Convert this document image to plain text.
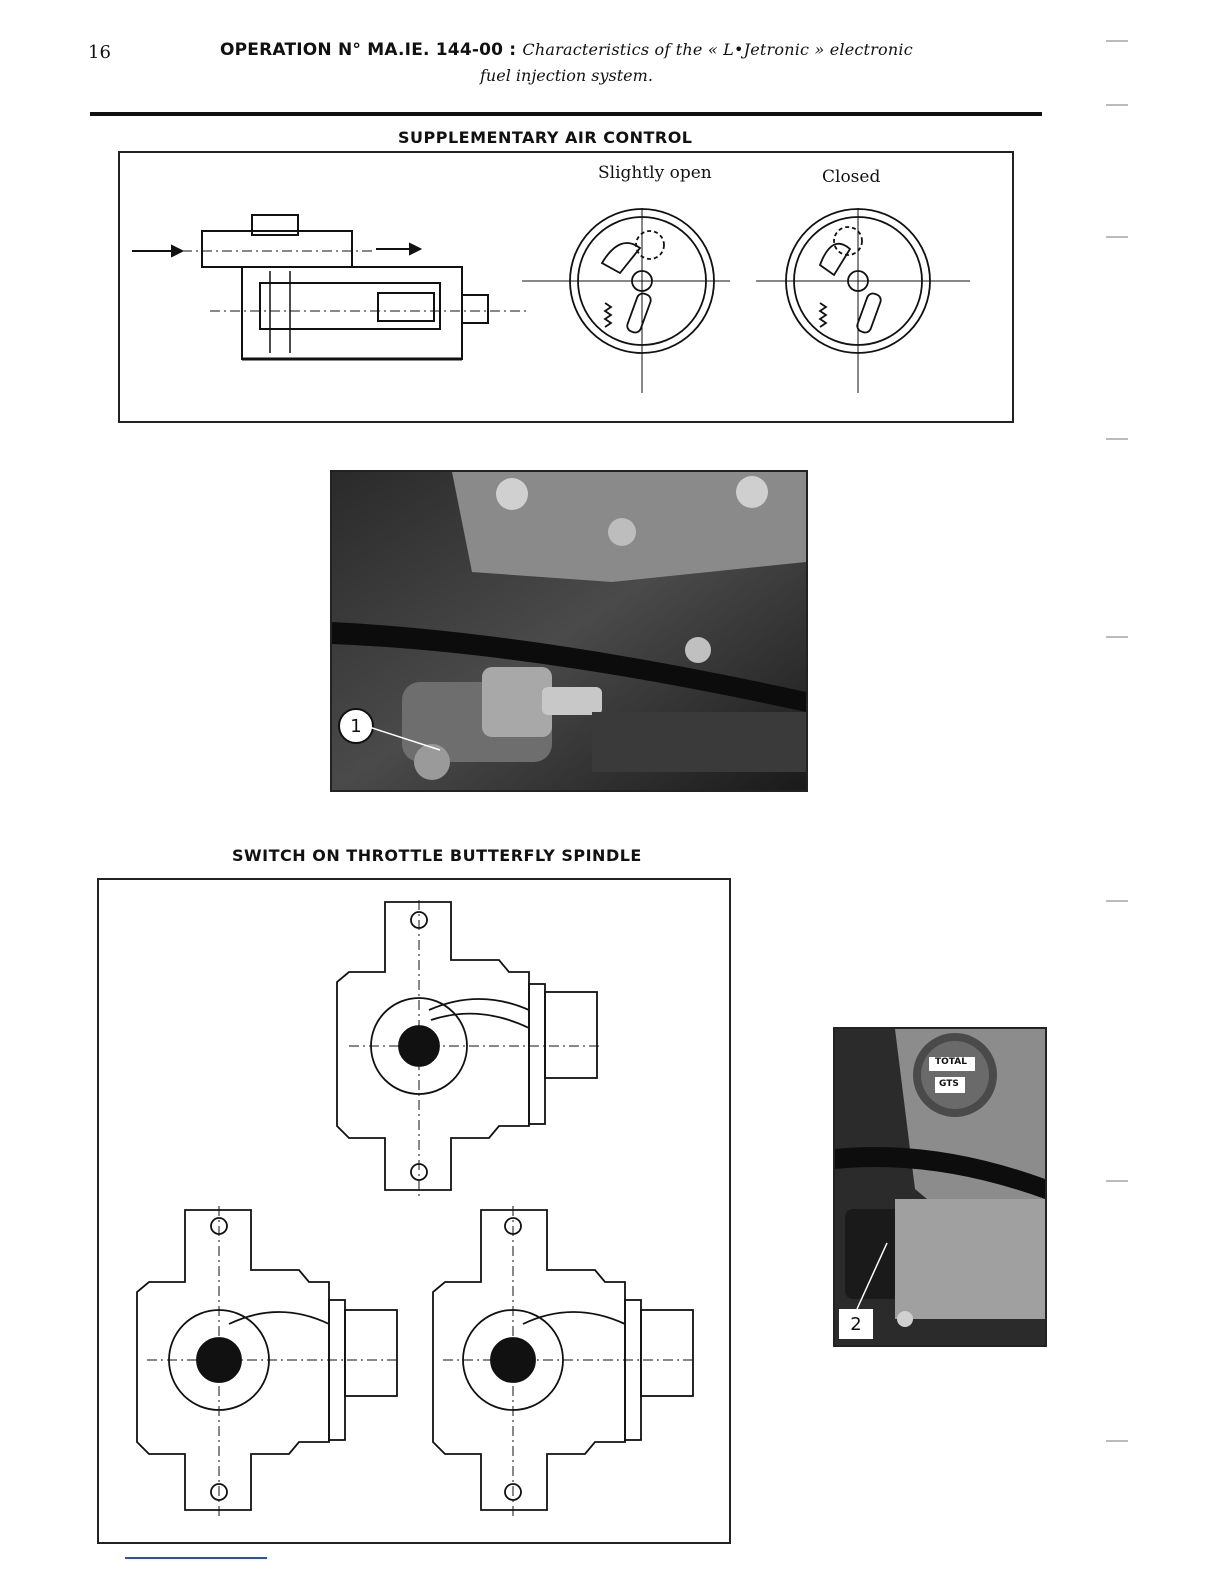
16	OPERATION N° MA.IE. 144-00 : Characteristics of the « L•Jetronic » electronic
fuel injection system.
SUPPLEMENTARY AIR CONTROL
Slightly open	Closed
1
SWITCH ON THROTTLE BUTTERFLY SPINDLE
TOTAL
GTS
2
